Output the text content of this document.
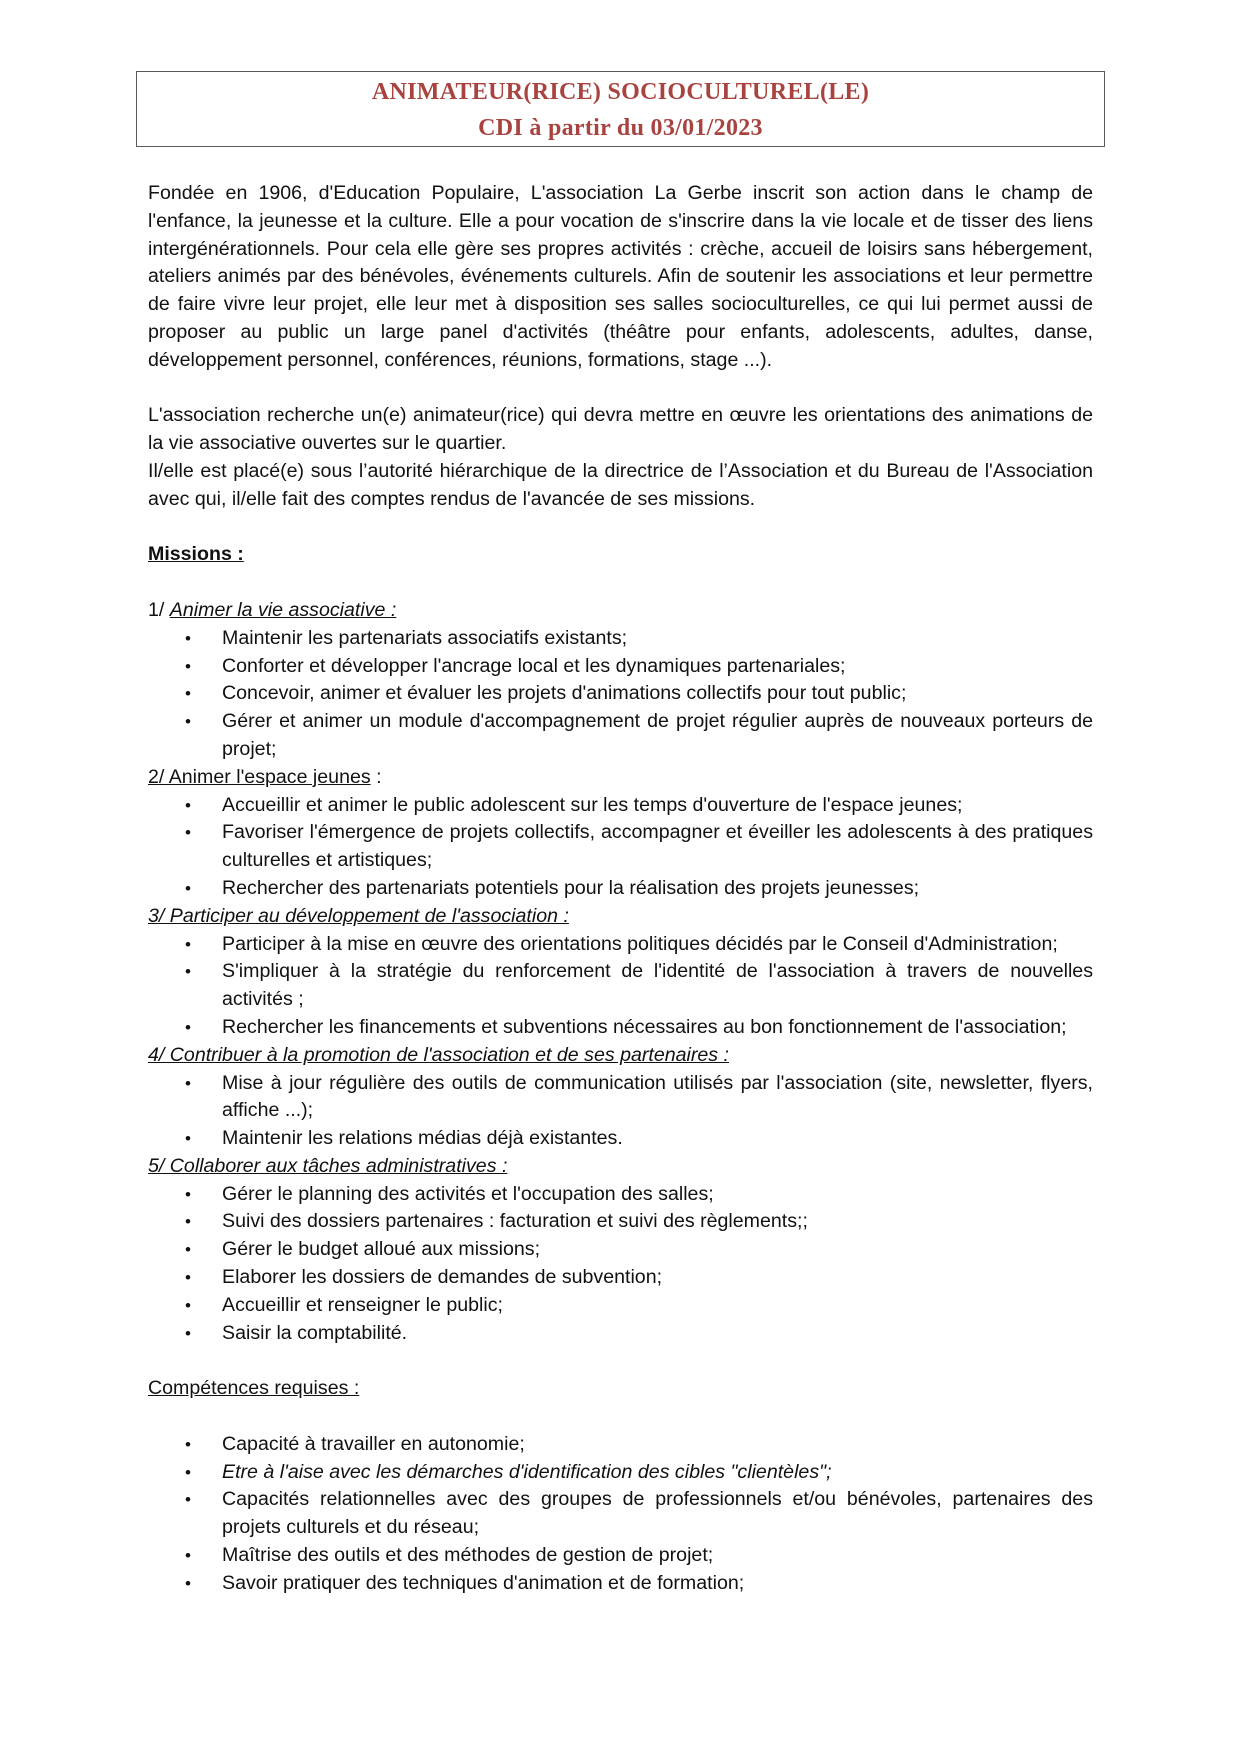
ANIMATEUR(RICE) SOCIOCULTUREL(LE)
CDI à partir du 03/01/2023

Fondée en 1906, d'Education Populaire, L'association La Gerbe inscrit son action dans le champ de l'enfance, la jeunesse et la culture. Elle a pour vocation de s'inscrire dans la vie locale et de tisser des liens intergénérationnels. Pour cela elle gère ses propres activités : crèche, accueil de loisirs sans hébergement, ateliers animés par des bénévoles, événements culturels. Afin de soutenir les associations et leur permettre de faire vivre leur projet, elle leur met à disposition ses salles socioculturelles, ce qui lui permet aussi de proposer au public un large panel d'activités (théâtre pour enfants, adolescents, adultes, danse, développement personnel, conférences, réunions, formations, stage ...).

L'association recherche un(e) animateur(rice) qui devra mettre en œuvre les orientations des animations de la vie associative ouvertes sur le quartier.

Il/elle est placé(e) sous l’autorité hiérarchique de la directrice de l’Association et du Bureau de l'Association avec qui, il/elle fait des comptes rendus de l'avancée de ses missions.

Missions :

1/ Animer la vie associative :

• Maintenir les partenariats associatifs existants;
• Conforter et développer l'ancrage local et les dynamiques partenariales;
• Concevoir, animer et évaluer les projets d'animations collectifs pour tout public;
• Gérer et animer un module d'accompagnement de projet régulier auprès de nouveaux porteurs de projet;

2/ Animer l'espace jeunes :

• Accueillir et animer le public adolescent sur les temps d'ouverture de l'espace jeunes;
• Favoriser l'émergence de projets collectifs, accompagner et éveiller les adolescents à des pratiques culturelles et artistiques;
• Rechercher des partenariats potentiels pour la réalisation des projets jeunesses;

3/ Participer au développement de l'association :

• Participer à la mise en œuvre des orientations politiques décidés par le Conseil d'Administration;
• S'impliquer à la stratégie du renforcement de l'identité de l'association à travers de nouvelles activités ;
• Rechercher les financements et subventions nécessaires au bon fonctionnement de l'association;

4/ Contribuer à la promotion de l'association et de ses partenaires :

• Mise à jour régulière des outils de communication utilisés par l'association (site, newsletter, flyers, affiche ...);
• Maintenir les relations médias déjà existantes.

5/ Collaborer aux tâches administratives :

• Gérer le planning des activités et l'occupation des salles;
• Suivi des dossiers partenaires : facturation et suivi des règlements;;
• Gérer le budget alloué aux missions;
• Elaborer les dossiers de demandes de subvention;
• Accueillir et renseigner le public;
• Saisir la comptabilité.

Compétences requises :

• Capacité à travailler en autonomie;
• Etre à l'aise avec les démarches d'identification des cibles "clientèles";
• Capacités relationnelles avec des groupes de professionnels et/ou bénévoles, partenaires des projets culturels et du réseau;
• Maîtrise des outils et des méthodes de gestion de projet;
• Savoir pratiquer des techniques d'animation et de formation;
